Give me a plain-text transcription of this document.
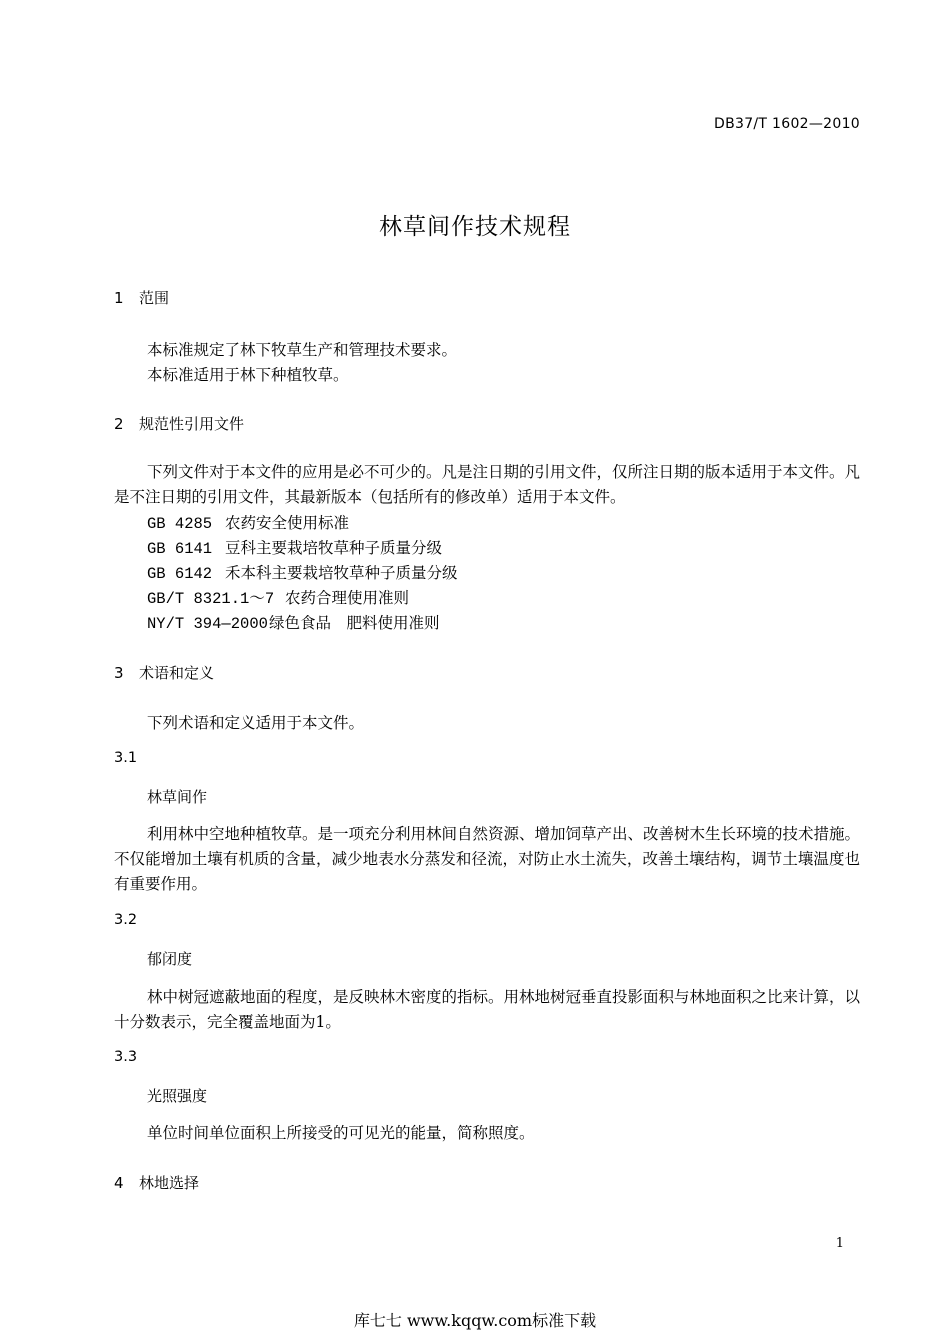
DB37/T 1602—2010
林草间作技术规程
1 范围
本标准规定了林下牧草生产和管理技术要求。
本标准适用于林下种植牧草。
2 规范性引用文件
下列文件对于本文件的应用是必不可少的。凡是注日期的引用文件，仅所注日期的版本适用于本文件。凡是不注日期的引用文件，其最新版本（包括所有的修改单）适用于本文件。
GB 4285 农药安全使用标准
GB 6141 豆科主要栽培牧草种子质量分级
GB 6142 禾本科主要栽培牧草种子质量分级
GB/T 8321.1～7 农药合理使用准则
NY/T 394—2000绿色食品　肥料使用准则
3 术语和定义
下列术语和定义适用于本文件。
3.1
林草间作
利用林中空地种植牧草。是一项充分利用林间自然资源、增加饲草产出、改善树木生长环境的技术措施。不仅能增加土壤有机质的含量，减少地表水分蒸发和径流，对防止水土流失，改善土壤结构，调节土壤温度也有重要作用。
3.2
郁闭度
林中树冠遮蔽地面的程度，是反映林木密度的指标。用林地树冠垂直投影面积与林地面积之比来计算，以十分数表示，完全覆盖地面为1。
3.3
光照强度
单位时间单位面积上所接受的可见光的能量，简称照度。
4 林地选择
1
库七七 www.kqqw.com标准下载
